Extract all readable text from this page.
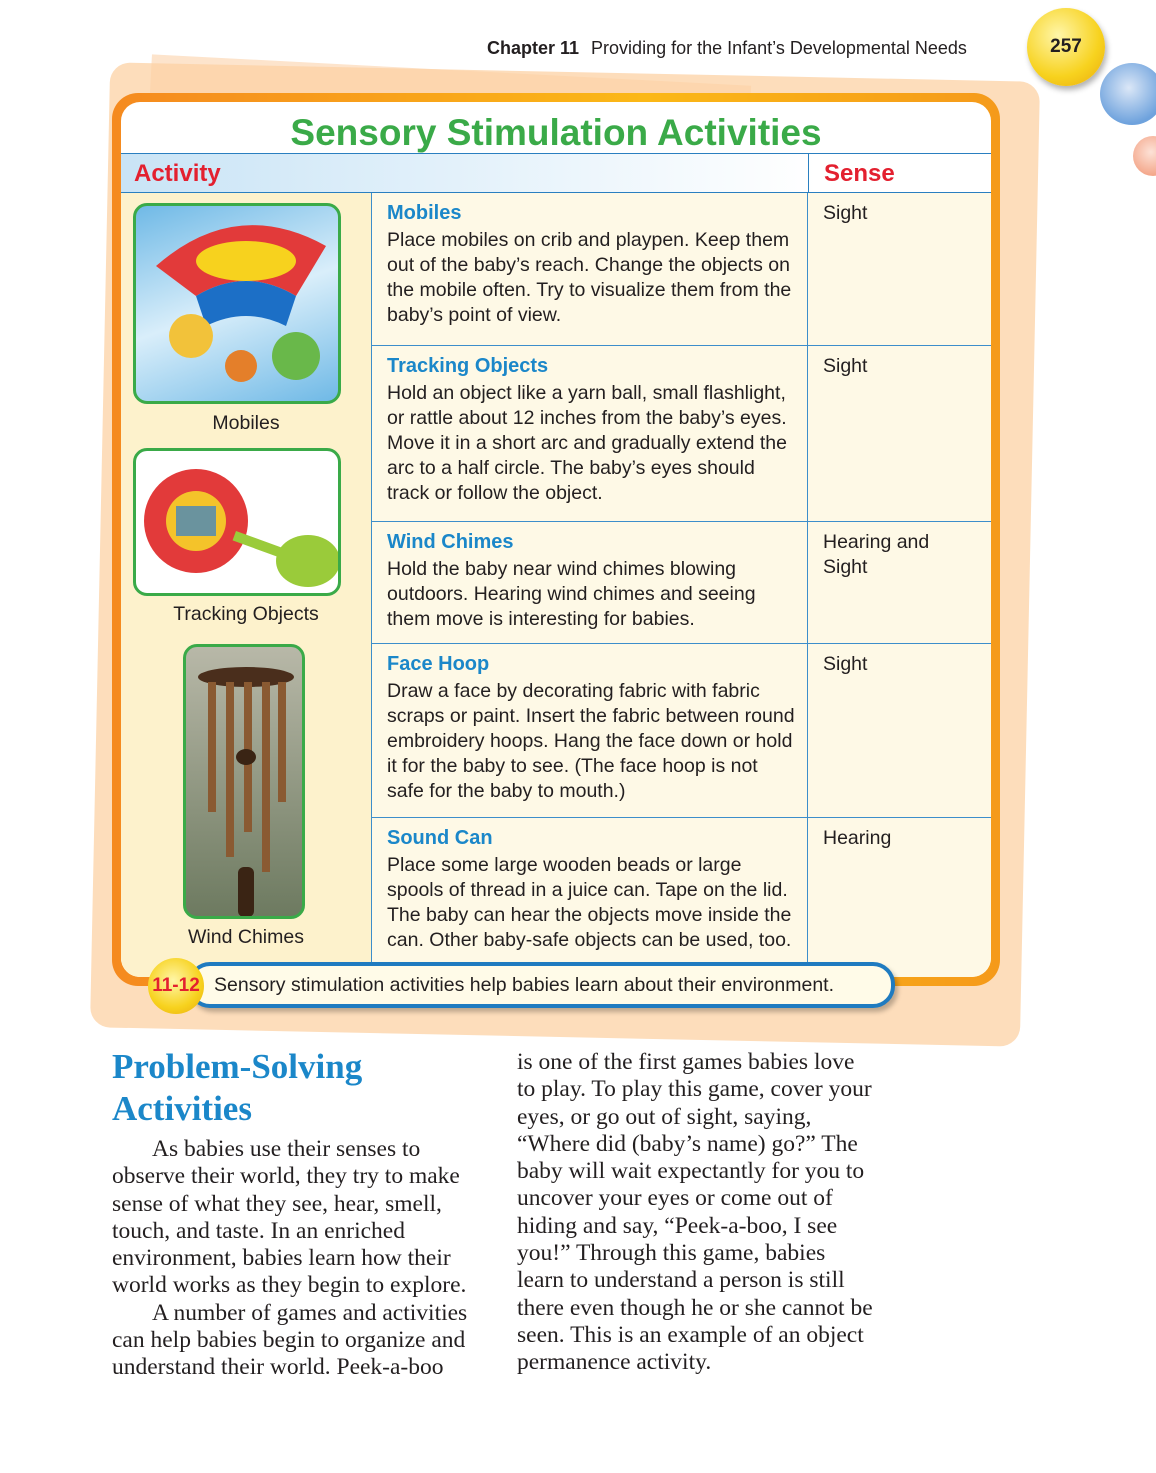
Chapter 11 Providing for the Infant’s Developmental Needs	257
Sensory Stimulation Activities
Activity	Sense
Mobiles
Tracking Objects
Wind Chimes
Mobiles

Place mobiles on crib and playpen. Keep them out of the baby’s reach. Change the objects on the mobile often. Try to visualize them from the baby’s point of view.

Sight
Tracking Objects

Hold an object like a yarn ball, small flashlight, or rattle about 12 inches from the baby’s eyes. Move it in a short arc and gradually extend the arc to a half circle. The baby’s eyes should track or follow the object.

Sight
Wind Chimes

Hold the baby near wind chimes blowing outdoors. Hearing wind chimes and seeing them move is interesting for babies.

Hearing and Sight
Face Hoop

Draw a face by decorating fabric with fabric scraps or paint. Insert the fabric between round embroidery hoops. Hang the face down or hold it for the baby to see. (The face hoop is not safe for the baby to mouth.)

Sight
Sound Can

Place some large wooden beads or large spools of thread in a juice can. Tape on the lid. The baby can hear the objects move inside the can. Other baby-safe objects can be used, too.

Hearing
Sensory stimulation activities help babies learn about their environment.
11-12
Problem-Solving Activities

As babies use their senses to observe their world, they try to make sense of what they see, hear, smell, touch, and taste. In an enriched environment, babies learn how their world works as they begin to explore.

A number of games and activities can help babies begin to organize and understand their world. Peek-a-boo

is one of the first games babies love to play. To play this game, cover your eyes, or go out of sight, saying, “Where did (baby’s name) go?” The baby will wait expectantly for you to uncover your eyes or come out of hiding and say, “Peek-a-boo, I see you!” Through this game, babies learn to understand a person is still there even though he or she cannot be seen. This is an example of an object permanence activity.
